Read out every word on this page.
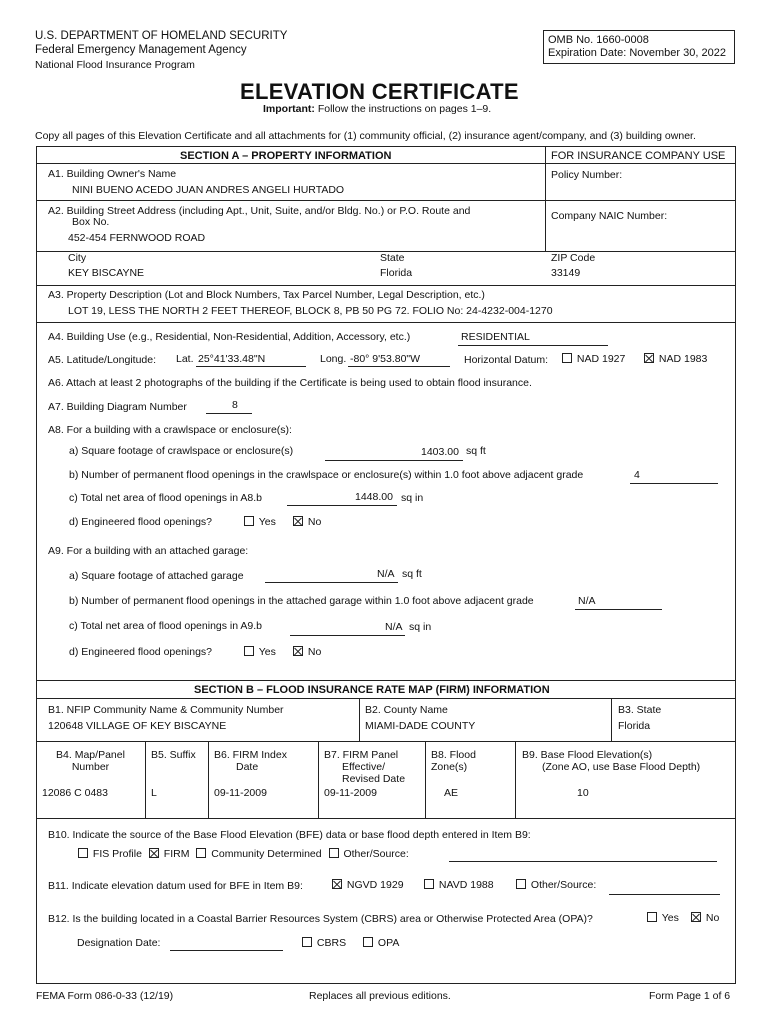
U.S. DEPARTMENT OF HOMELAND SECURITY
Federal Emergency Management Agency
National Flood Insurance Program
OMB No. 1660-0008
Expiration Date: November 30, 2022
ELEVATION CERTIFICATE
Important: Follow the instructions on pages 1–9.
Copy all pages of this Elevation Certificate and all attachments for (1) community official, (2) insurance agent/company, and (3) building owner.
SECTION A – PROPERTY INFORMATION	FOR INSURANCE COMPANY USE
Policy Number:
Company NAIC Number:
A1. Building Owner's Name
NINI BUENO ACEDO JUAN ANDRES ANGELI HURTADO
A2. Building Street Address (including Apt., Unit, Suite, and/or Bldg. No.) or P.O. Route and
Box No.
452-454 FERNWOOD ROAD
City
KEY BISCAYNE
State
Florida
ZIP Code
33149
A3. Property Description (Lot and Block Numbers, Tax Parcel Number, Legal Description, etc.)
LOT 19, LESS THE NORTH 2 FEET THEREOF, BLOCK 8, PB 50 PG 72. FOLIO No: 24-4232-004-1270
A4. Building Use (e.g., Residential, Non-Residential, Addition, Accessory, etc.)	RESIDENTIAL
A5. Latitude/Longitude: Lat. 25°41'33.48"N	Long. -80° 9'53.80"W	Horizontal Datum:	NAD 1927	NAD 1983
A6. Attach at least 2 photographs of the building if the Certificate is being used to obtain flood insurance.
A7. Building Diagram Number	8
A8. For a building with a crawlspace or enclosure(s):
a) Square footage of crawlspace or enclosure(s)	1403.00 sq ft
b) Number of permanent flood openings in the crawlspace or enclosure(s) within 1.0 foot above adjacent grade	4
c) Total net area of flood openings in A8.b	1448.00 sq in
d) Engineered flood openings?	Yes	No
A9. For a building with an attached garage:
a) Square footage of attached garage	N/A sq ft
b) Number of permanent flood openings in the attached garage within 1.0 foot above adjacent grade	N/A
c) Total net area of flood openings in A9.b	N/A sq in
d) Engineered flood openings?	Yes	No
SECTION B – FLOOD INSURANCE RATE MAP (FIRM) INFORMATION
B1. NFIP Community Name & Community Number
120648 VILLAGE OF KEY BISCAYNE
B2. County Name
MIAMI-DADE COUNTY
B3. State
Florida
B4. Map/Panel
Number
12086 C 0483
B5. Suffix
L
B6. FIRM Index
Date
09-11-2009
B7. FIRM Panel
Effective/
Revised Date
09-11-2009
B8. Flood
Zone(s)
AE
B9. Base Flood Elevation(s)
(Zone AO, use Base Flood Depth)
10
B10. Indicate the source of the Base Flood Elevation (BFE) data or base flood depth entered in Item B9:
FIS Profile FIRM Community Determined Other/Source:
B11. Indicate elevation datum used for BFE in Item B9:	NGVD 1929	NAVD 1988	Other/Source:
B12. Is the building located in a Coastal Barrier Resources System (CBRS) area or Otherwise Protected Area (OPA)?	Yes	No
Designation Date:	CBRS	OPA
FEMA Form 086-0-33 (12/19)	Replaces all previous editions.	Form Page 1 of 6
